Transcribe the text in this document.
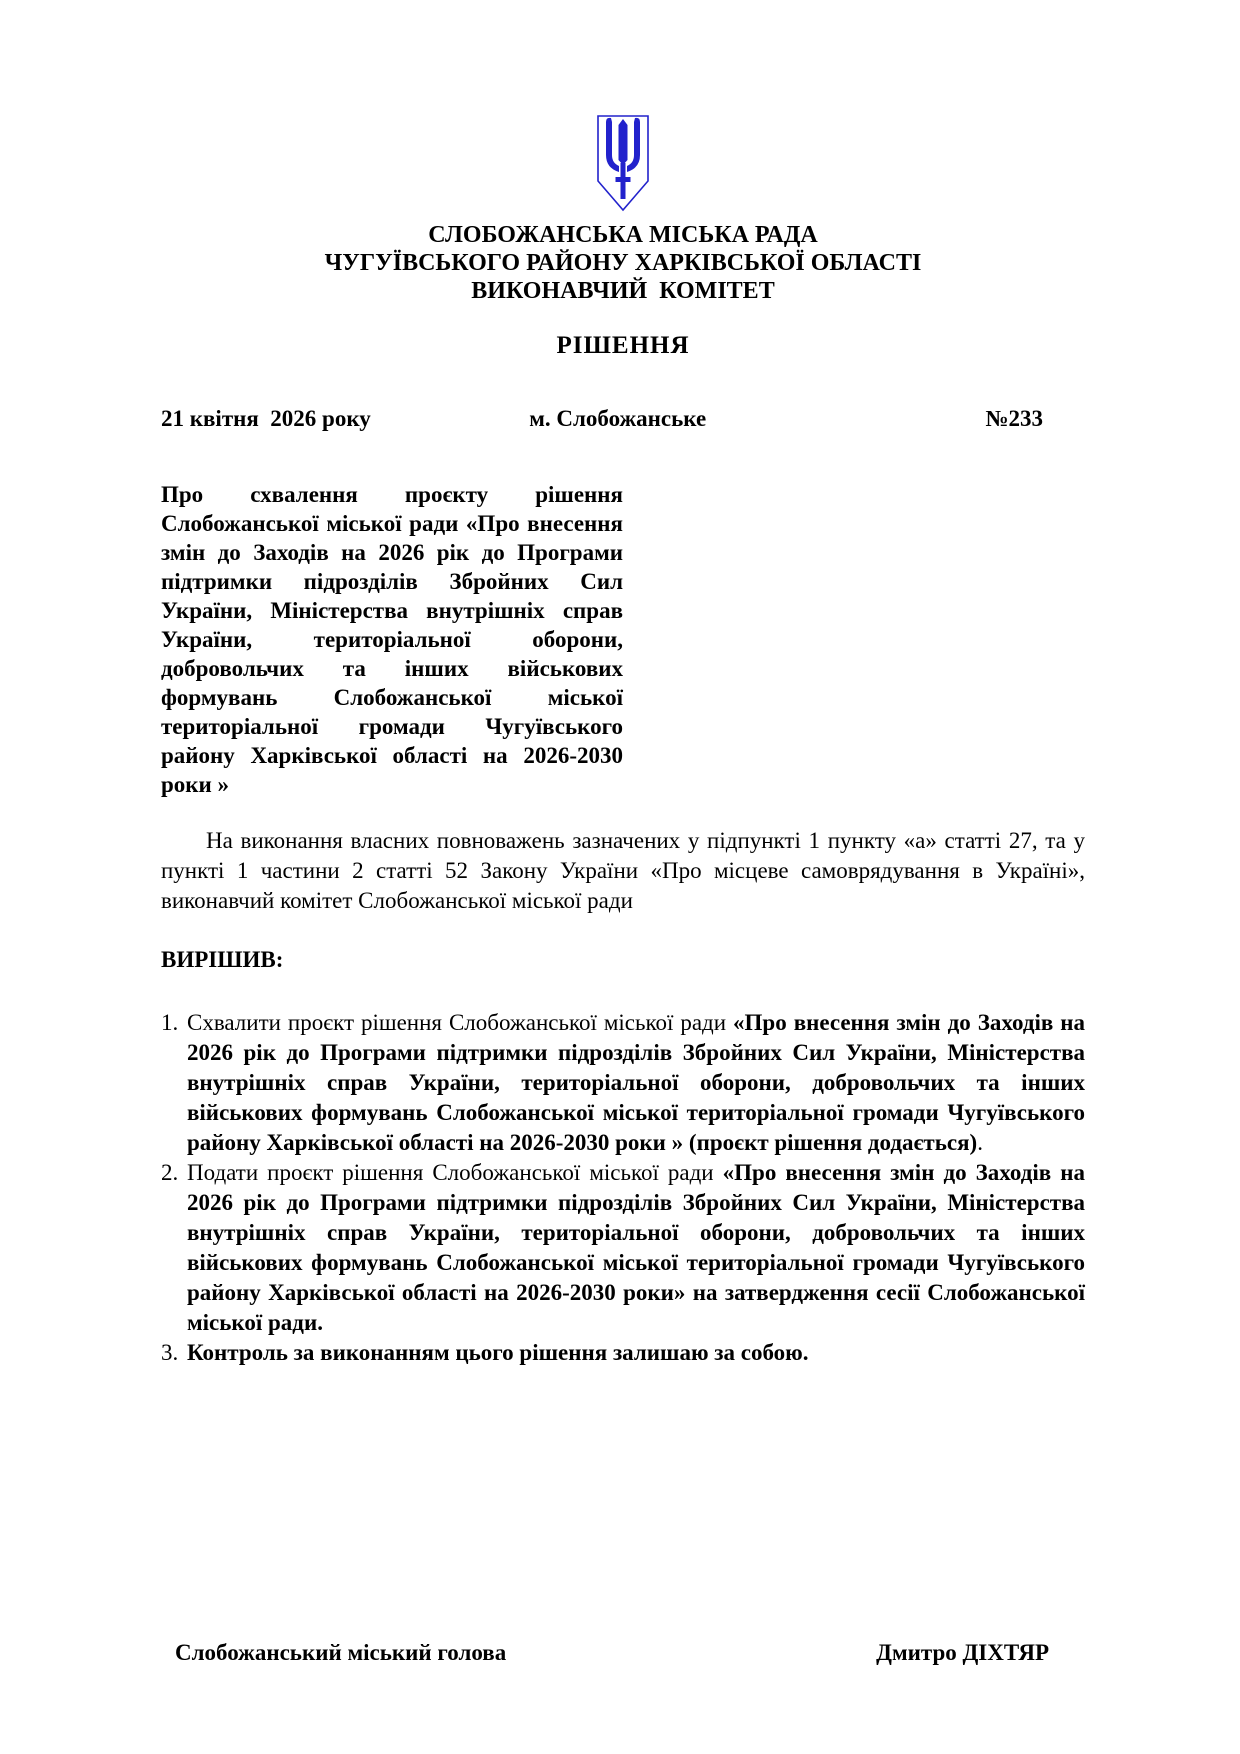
СЛОБОЖАНСЬКА МІСЬКА РАДА
ЧУГУЇВСЬКОГО РАЙОНУ ХАРКІВСЬКОЇ ОБЛАСТІ
ВИКОНАВЧИЙ  КОМІТЕТ
РІШЕННЯ

21 квітня  2026 року

	м. Слобожанське

	№233

Про схвалення проєкту рішення Слобожанської міської ради «Про внесення змін до Заходів на 2026 рік до Програми підтримки підрозділів Збройних Сил України, Міністерства внутрішніх справ України, територіальної оборони, добровольчих та інших військових формувань Слобожанської міської територіальної громади Чугуївського району Харківської області на 2026-2030 роки »

На виконання власних повноважень зазначених у підпункті 1 пункту «а» статті 27, та у пункті 1 частини 2 статті 52 Закону України «Про місцеве самоврядування в Україні», виконавчий комітет Слобожанської міської ради

ВИРІШИВ:
1. Схвалити проєкт рішення Слобожанської міської ради «Про внесення змін до Заходів на 2026 рік до Програми підтримки підрозділів Збройних Сил України, Міністерства внутрішніх справ України, територіальної оборони, добровольчих та інших військових формувань Слобожанської міської територіальної громади Чугуївського району Харківської області на 2026-2030 роки » (проєкт рішення додається).
2. Подати проєкт рішення Слобожанської міської ради «Про внесення змін до Заходів на 2026 рік до Програми підтримки підрозділів Збройних Сил України, Міністерства внутрішніх справ України, територіальної оборони, добровольчих та інших військових формувань Слобожанської міської територіальної громади Чугуївського району Харківської області на 2026-2030 роки» на затвердження сесії Слобожанської міської ради.
3. Контроль за виконанням цього рішення залишаю за собою.
Слобожанський міський голова	Дмитро ДІХТЯР
